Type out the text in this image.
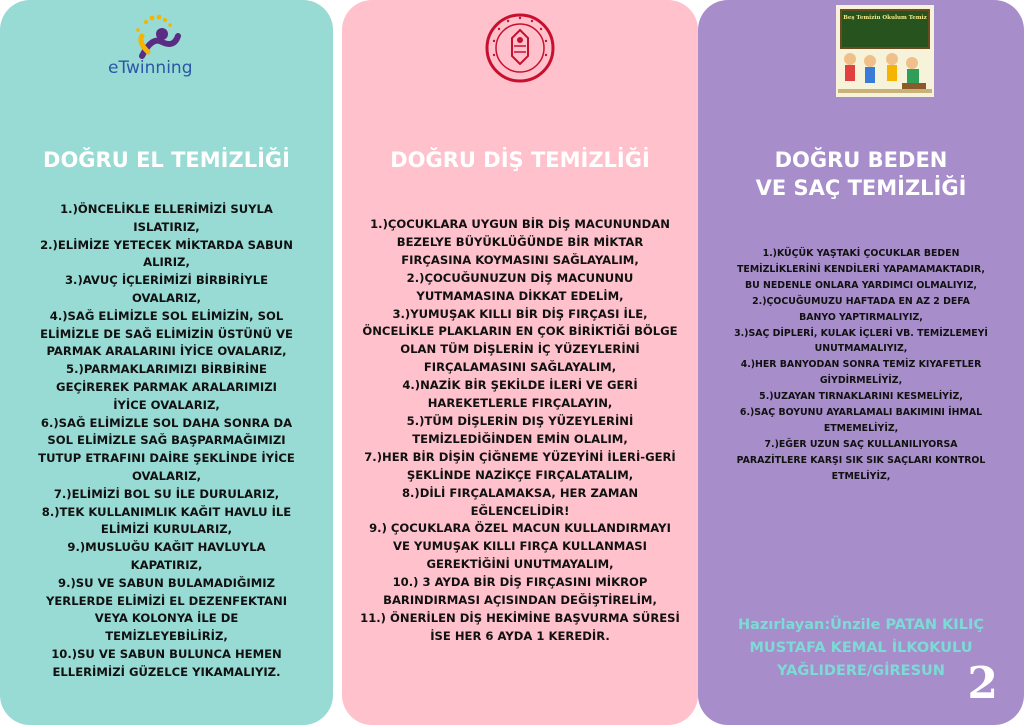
eTwinning
DOĞRU EL TEMİZLİĞİ
1.)ÖNCELİKLE ELLERİMİZİ SUYLA
ISLATIRIZ,
2.)ELİMİZE YETECEK MİKTARDA SABUN
ALIRIZ,
3.)AVUÇ İÇLERİMİZİ BİRBİRİYLE
OVALARIZ,
4.)SAĞ ELİMİZLE SOL ELİMİZİN, SOL
ELİMİZLE DE SAĞ ELİMİZİN ÜSTÜNÜ VE
PARMAK ARALARINI İYİCE OVALARIZ,
5.)PARMAKLARIMIZI BİRBİRİNE
GEÇİREREK PARMAK ARALARIMIZI
İYİCE OVALARIZ,
6.)SAĞ ELİMİZLE SOL DAHA SONRA DA
SOL ELİMİZLE SAĞ BAŞPARMAĞIMIZI
TUTUP ETRAFINI DAİRE ŞEKLİNDE İYİCE
OVALARIZ,
7.)ELİMİZİ BOL SU İLE DURULARIZ,
8.)TEK KULLANIMLIK KAĞIT HAVLU İLE
ELİMİZİ KURULARIZ,
9.)MUSLUĞU KAĞIT HAVLUYLA
KAPATIRIZ,
9.)SU VE SABUN BULAMADIĞIMIZ
YERLERDE ELİMİZİ EL DEZENFEKTANI
VEYA KOLONYA İLE DE
TEMİZLEYEBİLİRİZ,
10.)SU VE SABUN BULUNCA HEMEN
ELLERİMİZİ GÜZELCE YIKAMALIYIZ.
DOĞRU DİŞ TEMİZLİĞİ
1.)ÇOCUKLARA UYGUN BİR DİŞ MACUNUNDAN
BEZELYE BÜYÜKLÜĞÜNDE BİR MİKTAR
FIRÇASINA KOYMASINI SAĞLAYALIM,
2.)ÇOCUĞUNUZUN DİŞ MACUNUNU
YUTMAMASINA DİKKAT EDELİM,
3.)YUMUŞAK KILLI BİR DİŞ FIRÇASI İLE,
ÖNCELİKLE PLAKLARIN EN ÇOK BİRİKTİĞİ BÖLGE
OLAN TÜM DİŞLERİN İÇ YÜZEYLERİNİ
FIRÇALAMASINI SAĞLAYALIM,
4.)NAZİK BİR ŞEKİLDE İLERİ VE GERİ
HAREKETLERLE FIRÇALAYIN,
5.)TÜM DİŞLERİN DIŞ YÜZEYLERİNİ
TEMİZLEDİĞİNDEN EMİN OLALIM,
7.)HER BİR DİŞİN ÇİĞNEME YÜZEYİNİ İLERİ-GERİ
ŞEKLİNDE NAZİKÇE FIRÇALATALIM,
8.)DİLİ FIRÇALAMAKSA, HER ZAMAN
EĞLENCELİDİR!
9.) ÇOCUKLARA ÖZEL MACUN KULLANDIRMAYI
VE YUMUŞAK KILLI FIRÇA KULLANMASI
GEREKTİĞİNİ UNUTMAYALIM,
10.) 3 AYDA BİR DİŞ FIRÇASINI MİKROP
BARINDIRMASI AÇISINDAN DEĞİŞTİRELİM,
11.) ÖNERİLEN DİŞ HEKİMİNE BAŞVURMA SÜRESİ
İSE HER 6 AYDA 1 KEREDİR.
DOĞRU BEDEN
VE SAÇ TEMİZLİĞİ
1.)KÜÇÜK YAŞTAKİ ÇOCUKLAR BEDEN
TEMİZLİKLERİNİ KENDİLERİ YAPAMAMAKTADIR,
BU NEDENLE ONLARA YARDIMCI OLMALIYIZ,
2.)ÇOCUĞUMUZU HAFTADA EN AZ 2 DEFA
BANYO YAPTIRMALIYIZ,
3.)SAÇ DİPLERİ, KULAK İÇLERİ VB. TEMİZLEMEYİ
UNUTMAMALIYIZ,
4.)HER BANYODAN SONRA TEMİZ KIYAFETLER
GİYDİRMELİYİZ,
5.)UZAYAN TIRNAKLARINI KESMELİYİZ,
6.)SAÇ BOYUNU AYARLAMALI BAKIMINI İHMAL
ETMEMELİYİZ,
7.)EĞER UZUN SAÇ KULLANILIYORSA
PARAZİTLERE KARŞI SIK SIK SAÇLARI KONTROL
ETMELİYİZ,
Hazırlayan:Ünzile PATAN KILIÇ
MUSTAFA KEMAL İLKOKULU
YAĞLIDERE/GİRESUN 2
Beş Temizin Okulum Temiz
